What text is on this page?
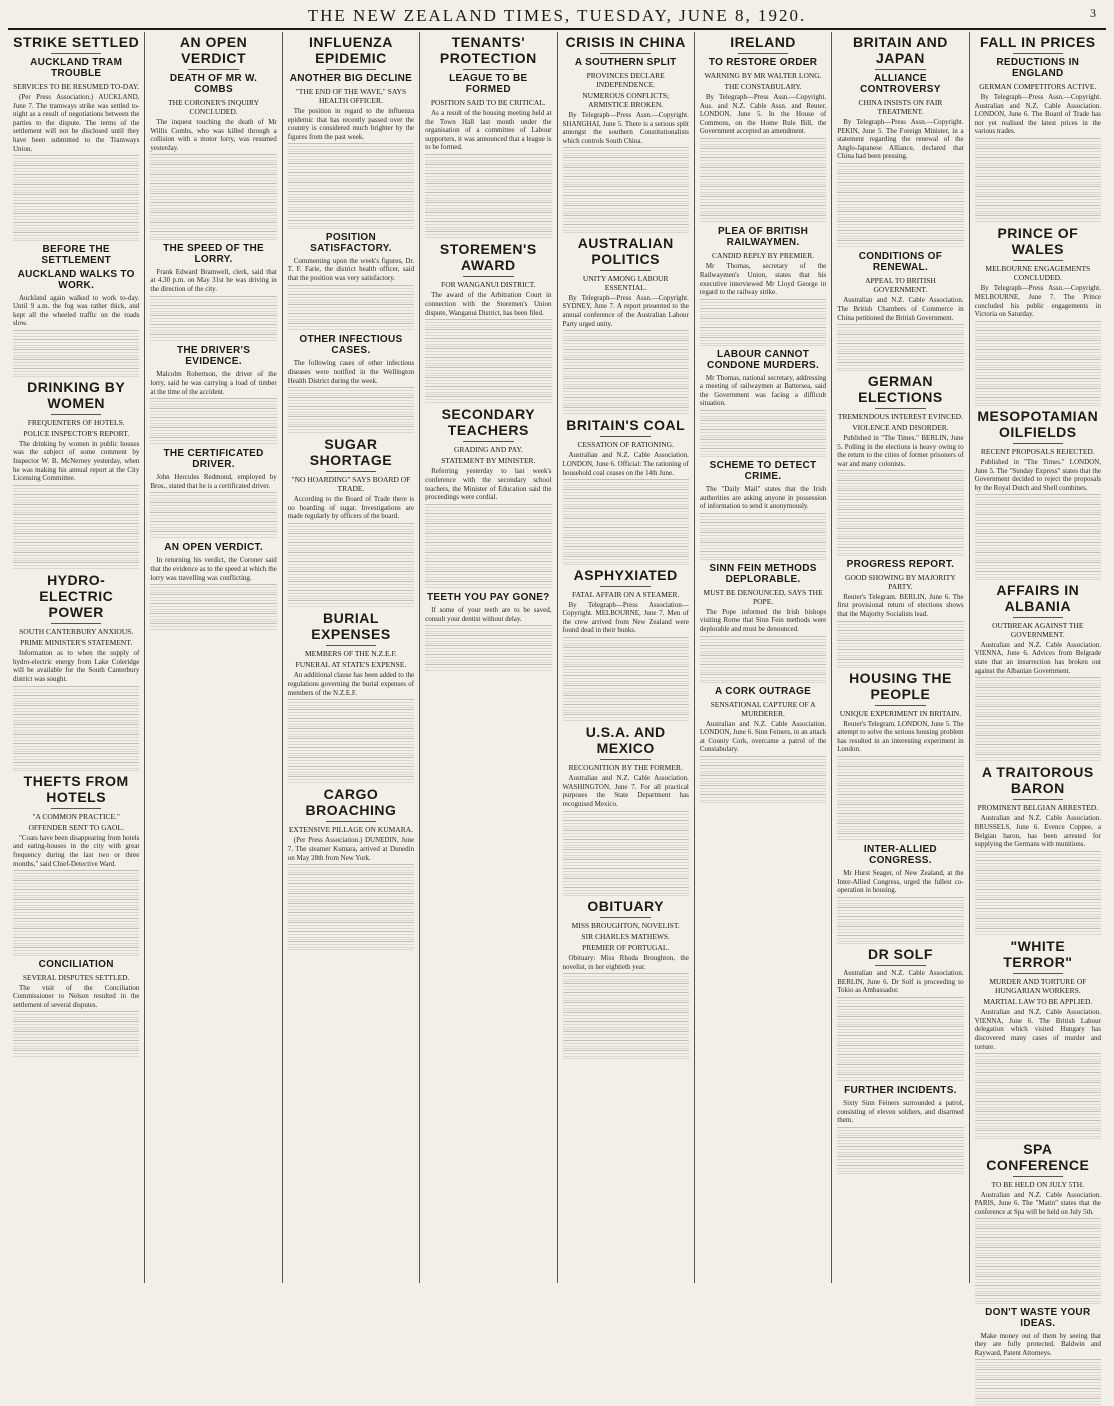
THE NEW ZEALAND TIMES, TUESDAY, JUNE 8, 1920.	3
STRIKE SETTLED
AUCKLAND TRAM TROUBLE
SERVICES TO BE RESUMED TO-DAY.

(Per Press Association.) AUCKLAND, June 7. The tramways strike was settled to-night as a result of negotiations between the parties to the dispute. The terms of the settlement will not be disclosed until they have been submitted to the Tramways Union.

BEFORE THE SETTLEMENT
AUCKLAND WALKS TO WORK.

Auckland again walked to work to-day. Until 9 a.m. the fog was rather thick, and kept all the wheeled traffic on the roads slow.

DRINKING BY WOMEN
FREQUENTERS OF HOTELS.
POLICE INSPECTOR'S REPORT.

The drinking by women in public houses was the subject of some comment by Inspector W. B. McNerney yesterday, when he was making his annual report at the City Licensing Committee.

HYDRO-ELECTRIC POWER
SOUTH CANTERBURY ANXIOUS.
PRIME MINISTER'S STATEMENT.

Information as to when the supply of hydro-electric energy from Lake Coleridge will be available for the South Canterbury district was sought.

THEFTS FROM HOTELS
"A COMMON PRACTICE."
OFFENDER SENT TO GAOL.

"Coats have been disappearing from hotels and eating-houses in the city with great frequency during the last two or three months," said Chief-Detective Ward.

CONCILIATION
SEVERAL DISPUTES SETTLED.

The visit of the Conciliation Commissioner to Nelson resulted in the settlement of several disputes.

AN OPEN VERDICT
DEATH OF MR W. COMBS
THE CORONER'S INQUIRY CONCLUDED.

The inquest touching the death of Mr Willis Combs, who was killed through a collision with a motor lorry, was resumed yesterday.

THE SPEED OF THE LORRY.

Frank Edward Bramwell, clerk, said that at 4.30 p.m. on May 31st he was driving in the direction of the city.

THE DRIVER'S EVIDENCE.

Malcolm Robertson, the driver of the lorry, said he was carrying a load of timber at the time of the accident.

THE CERTIFICATED DRIVER.

John Hercules Redmond, employed by Bros., stated that he is a certificated driver.

AN OPEN VERDICT.

In returning his verdict, the Coroner said that the evidence as to the speed at which the lorry was travelling was conflicting.

INFLUENZA EPIDEMIC
ANOTHER BIG DECLINE
"THE END OF THE WAVE," SAYS HEALTH OFFICER.

The position in regard to the influenza epidemic that has recently passed over the country is considered much brighter by the figures from the past week.

POSITION SATISFACTORY.

Commenting upon the week's figures, Dr. T. F. Farie, the district health officer, said that the position was very satisfactory.

OTHER INFECTIOUS CASES.

The following cases of other infectious diseases were notified in the Wellington Health District during the week.

SUGAR SHORTAGE
"NO HOARDING" SAYS BOARD OF TRADE.

According to the Board of Trade there is no hoarding of sugar. Investigations are made regularly by officers of the board.

BURIAL EXPENSES
MEMBERS OF THE N.Z.E.F.
FUNERAL AT STATE'S EXPENSE.

An additional clause has been added to the regulations governing the burial expenses of members of the N.Z.E.F.

CARGO BROACHING
EXTENSIVE PILLAGE ON KUMARA.

(Per Press Association.) DUNEDIN, June 7. The steamer Kumara, arrived at Dunedin on May 28th from New York.

TENANTS' PROTECTION
LEAGUE TO BE FORMED
POSITION SAID TO BE CRITICAL.

As a result of the housing meeting held at the Town Hall last month under the organisation of a committee of Labour supporters, it was announced that a league is to be formed.

STOREMEN'S AWARD
FOR WANGANUI DISTRICT.

The award of the Arbitration Court in connection with the Storemen's Union dispute, Wanganui District, has been filed.

SECONDARY TEACHERS
GRADING AND PAY.
STATEMENT BY MINISTER.

Referring yesterday to last week's conference with the secondary school teachers, the Minister of Education said the proceedings were cordial.

TEETH YOU PAY GONE?

If some of your teeth are to be saved, consult your dentist without delay.

CRISIS IN CHINA
A SOUTHERN SPLIT
PROVINCES DECLARE INDEPENDENCE.
NUMEROUS CONFLICTS; ARMISTICE BROKEN.

By Telegraph—Press Assn.—Copyright. SHANGHAI, June 5. There is a serious split amongst the southern Constitutionalists which controls South China.

AUSTRALIAN POLITICS
UNITY AMONG LABOUR ESSENTIAL.

By Telegraph—Press Assn.—Copyright. SYDNEY, June 7. A report presented to the annual conference of the Australian Labour Party urged unity.

BRITAIN'S COAL
CESSATION OF RATIONING.

Australian and N.Z. Cable Association. LONDON, June 6. Official: The rationing of household coal ceases on the 14th June.

ASPHYXIATED
FATAL AFFAIR ON A STEAMER.

By Telegraph—Press Association—Copyright. MELBOURNE, June 7. Men of the crew arrived from New Zealand were found dead in their bunks.

U.S.A. AND MEXICO
RECOGNITION BY THE FORMER.

Australian and N.Z. Cable Association. WASHINGTON, June 7. For all practical purposes the State Department has recognised Mexico.

OBITUARY
MISS BROUGHTON, NOVELIST.
SIR CHARLES MATHEWS.
PREMIER OF PORTUGAL.

Obituary: Miss Rhoda Broughton, the novelist, in her eightieth year.

IRELAND
TO RESTORE ORDER
WARNING BY MR WALTER LONG.
THE CONSTABULARY.

By Telegraph—Press Assn.—Copyright. Aus. and N.Z. Cable Assn. and Reuter. LONDON, June 5. In the House of Commons, on the Home Rule Bill, the Government accepted an amendment.

PLEA OF BRITISH RAILWAYMEN.
CANDID REPLY BY PREMIER.

Mr Thomas, secretary of the Railwaymen's Union, states that his executive interviewed Mr Lloyd George in regard to the railway strike.

LABOUR CANNOT CONDONE MURDERS.

Mr Thomas, national secretary, addressing a meeting of railwaymen at Battersea, said the Government was facing a difficult situation.

SCHEME TO DETECT CRIME.

The "Daily Mail" states that the Irish authorities are asking anyone in possession of information to send it anonymously.

SINN FEIN METHODS DEPLORABLE.
MUST BE DENOUNCED, SAYS THE POPE.

The Pope informed the Irish bishops visiting Rome that Sinn Fein methods were deplorable and must be denounced.

A CORK OUTRAGE
SENSATIONAL CAPTURE OF A MURDERER.

Australian and N.Z. Cable Association. LONDON, June 6. Sinn Feiners, in an attack at County Cork, overcame a patrol of the Constabulary.

BRITAIN AND JAPAN
ALLIANCE CONTROVERSY
CHINA INSISTS ON FAIR TREATMENT.

By Telegraph—Press Assn.—Copyright. PEKIN, June 5. The Foreign Minister, in a statement regarding the renewal of the Anglo-Japanese Alliance, declared that China had been pressing.

CONDITIONS OF RENEWAL.
APPEAL TO BRITISH GOVERNMENT.

Australian and N.Z. Cable Association. The British Chambers of Commerce in China petitioned the British Government.

GERMAN ELECTIONS
TREMENDOUS INTEREST EVINCED.
VIOLENCE AND DISORDER.

Published in "The Times." BERLIN, June 5. Polling in the elections is heavy owing to the return to the cities of former prisoners of war and many colonists.

PROGRESS REPORT.
GOOD SHOWING BY MAJORITY PARTY.

Reuter's Telegram. BERLIN, June 6. The first provisional return of elections shows that the Majority Socialists lead.

HOUSING THE PEOPLE
UNIQUE EXPERIMENT IN BRITAIN.

Reuter's Telegram. LONDON, June 5. The attempt to solve the serious housing problem has resulted in an interesting experiment in London.

INTER-ALLIED CONGRESS.

Mr Hurst Seager, of New Zealand, at the Inter-Allied Congress, urged the fullest co-operation in housing.

DR SOLF

Australian and N.Z. Cable Association. BERLIN, June 6. Dr Solf is proceeding to Tokio as Ambassador.

FURTHER INCIDENTS.

Sixty Sinn Feiners surrounded a patrol, consisting of eleven soldiers, and disarmed them.

FALL IN PRICES
REDUCTIONS IN ENGLAND
GERMAN COMPETITORS ACTIVE.

By Telegraph—Press Assn.—Copyright. Australian and N.Z. Cable Association. LONDON, June 6. The Board of Trade has not yet realised the latest prices in the various trades.

PRINCE OF WALES
MELBOURNE ENGAGEMENTS CONCLUDED.

By Telegraph—Press Assn.—Copyright. MELBOURNE, June 7. The Prince concluded his public engagements in Victoria on Saturday.

MESOPOTAMIAN OILFIELDS
RECENT PROPOSALS REJECTED.

Published in "The Times." LONDON, June 5. The "Sunday Express" states that the Government decided to reject the proposals by the Royal Dutch and Shell combines.

AFFAIRS IN ALBANIA
OUTBREAK AGAINST THE GOVERNMENT.

Australian and N.Z. Cable Association. VIENNA, June 6. Advices from Belgrade state that an insurrection has broken out against the Albanian Government.

A TRAITOROUS BARON
PROMINENT BELGIAN ARRESTED.

Australian and N.Z. Cable Association. BRUSSELS, June 6. Evence Coppee, a Belgian baron, has been arrested for supplying the Germans with munitions.

"WHITE TERROR"
MURDER AND TORTURE OF HUNGARIAN WORKERS.
MARTIAL LAW TO BE APPLIED.

Australian and N.Z. Cable Association. VIENNA, June 6. The British Labour delegation which visited Hungary has discovered many cases of murder and torture.

SPA CONFERENCE
TO BE HELD ON JULY 5TH.

Australian and N.Z. Cable Association. PARIS, June 6. The "Matin" states that the conference at Spa will be held on July 5th.

DON'T WASTE YOUR IDEAS.

Make money out of them by seeing that they are fully protected. Baldwin and Rayward, Patent Attorneys.
